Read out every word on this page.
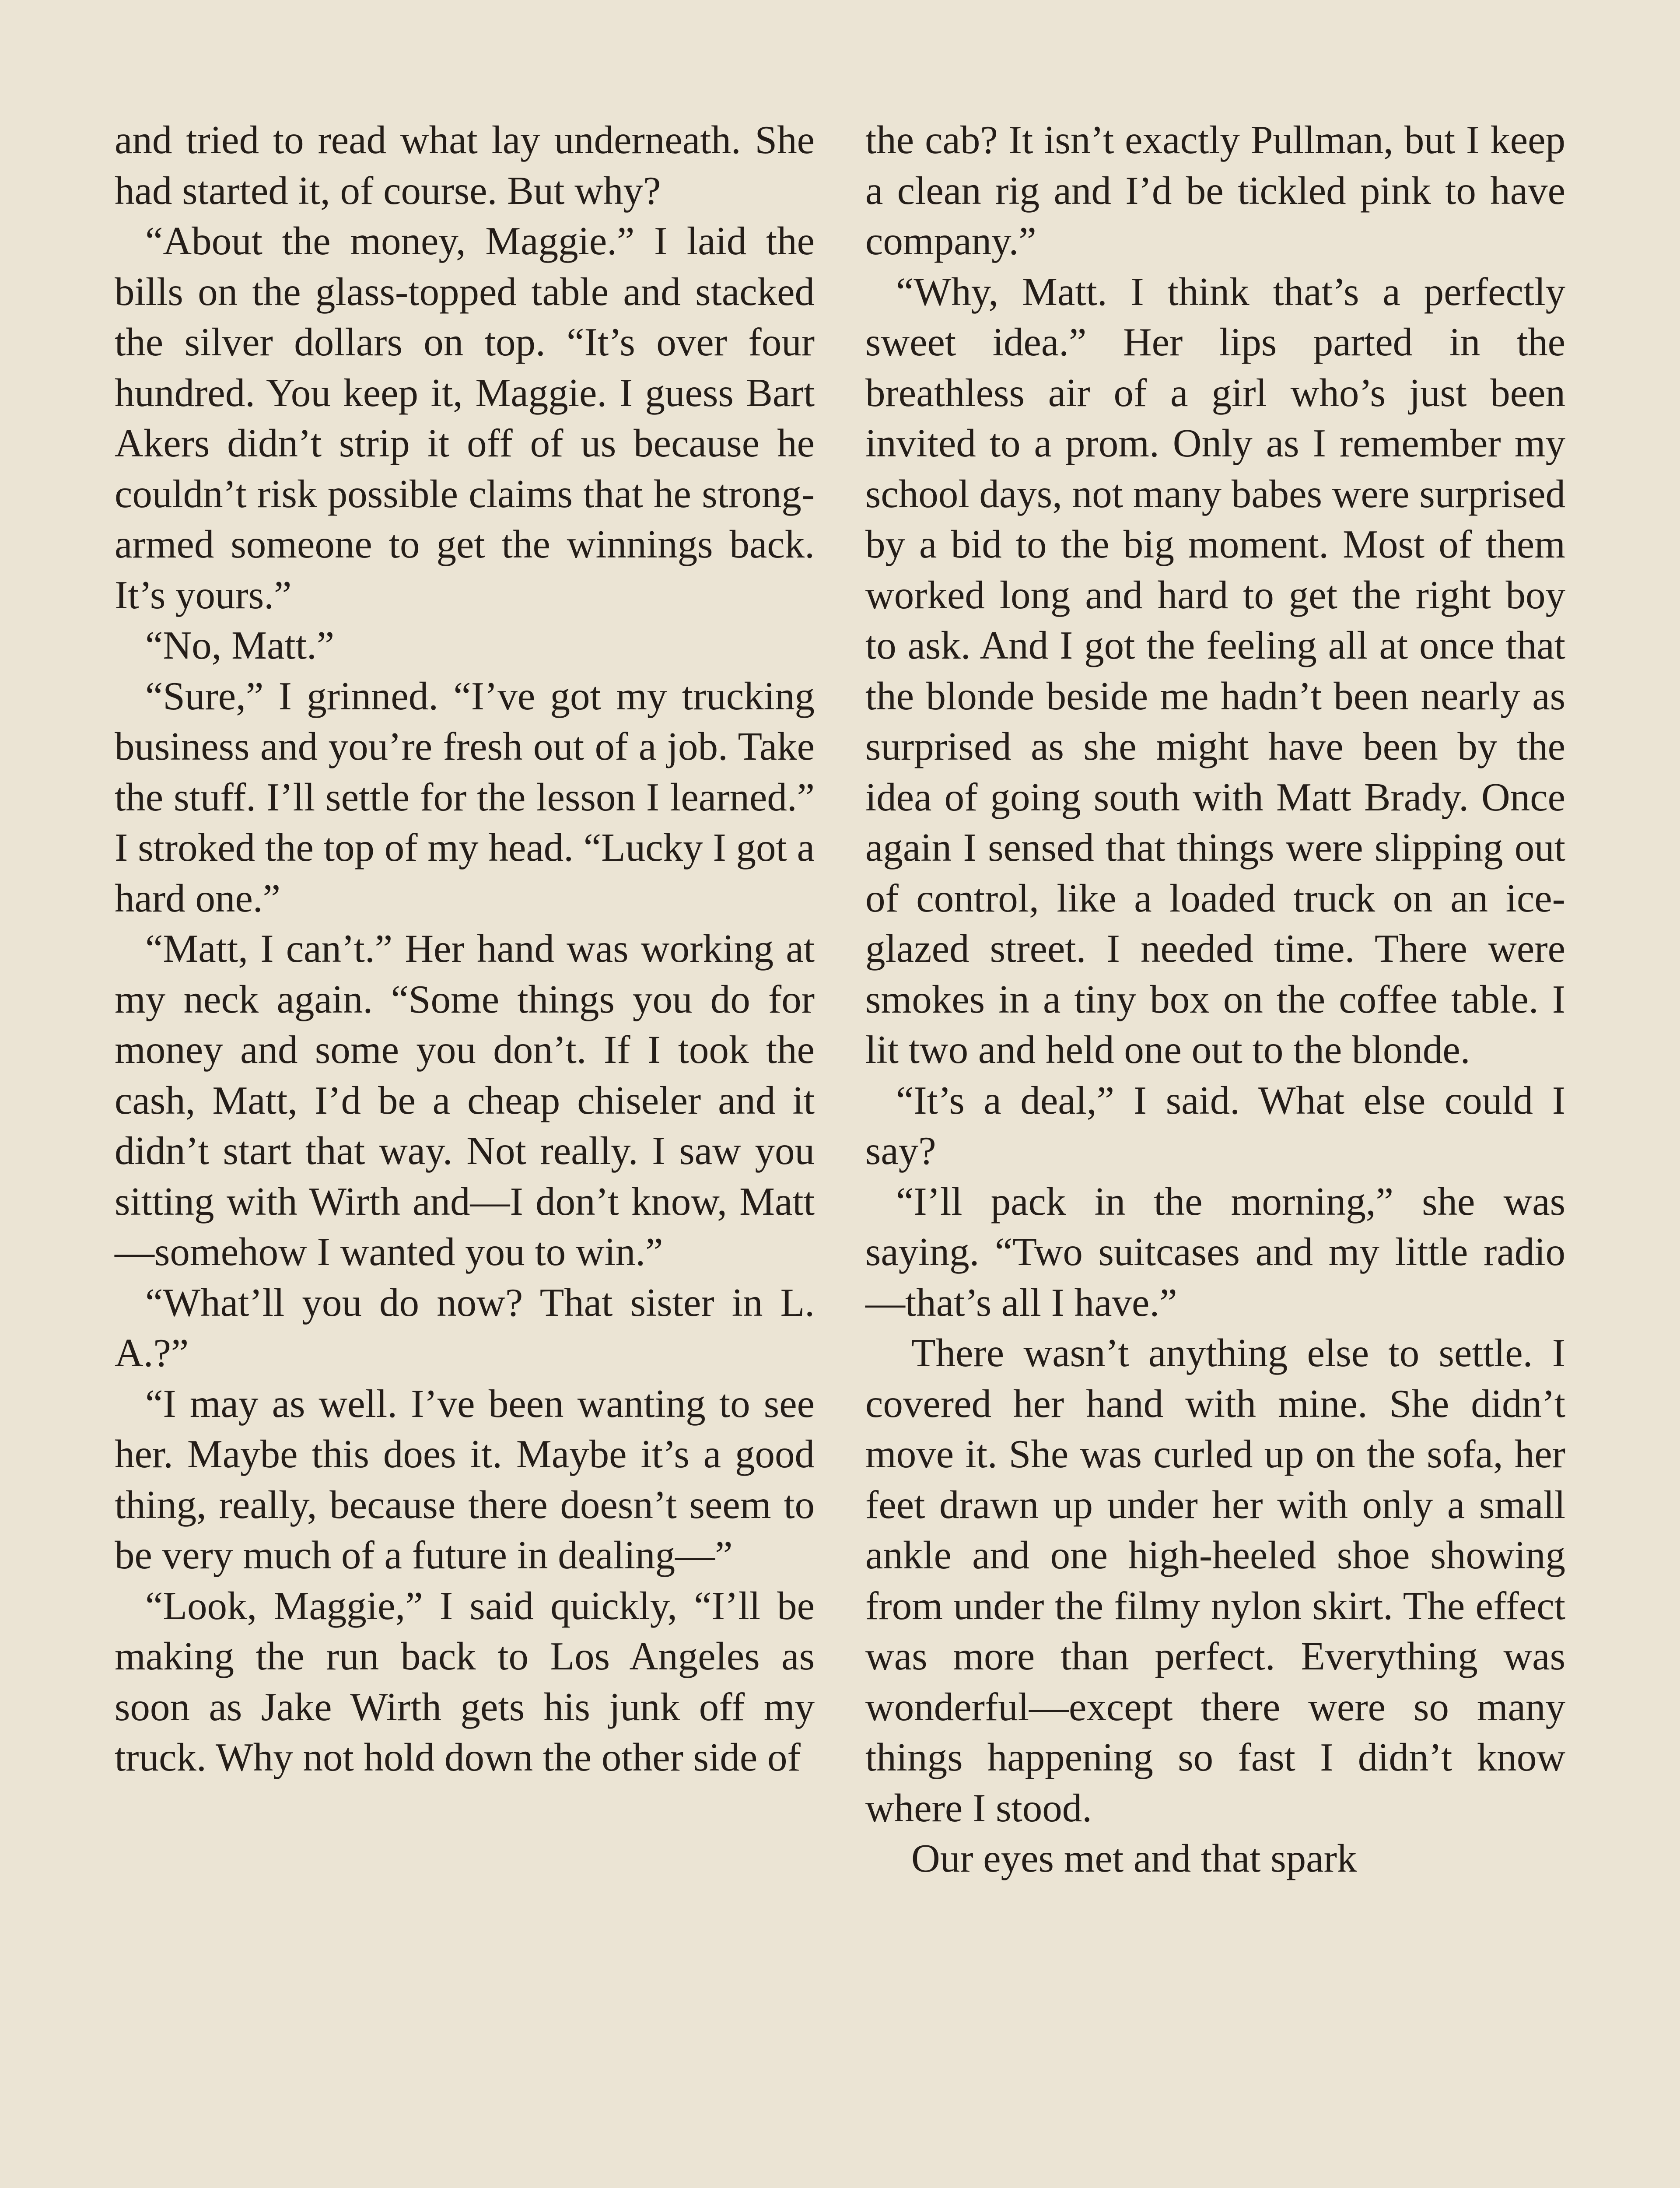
and tried to read what lay underneath. She had started it, of course. But why?

“About the money, Maggie.” I laid the bills on the glass-topped table and stacked the silver dollars on top. “It’s over four hundred. You keep it, Maggie. I guess Bart Akers didn’t strip it off of us because he couldn’t risk possible claims that he strong-armed someone to get the winnings back. It’s yours.”

“No, Matt.”

“Sure,” I grinned. “I’ve got my trucking business and you’re fresh out of a job. Take the stuff. I’ll settle for the lesson I learned.” I stroked the top of my head. “Lucky I got a hard one.”

“Matt, I can’t.” Her hand was working at my neck again. “Some things you do for money and some you don’t. If I took the cash, Matt, I’d be a cheap chiseler and it didn’t start that way. Not really. I saw you sitting with Wirth and—I don’t know, Matt—somehow I wanted you to win.”

“What’ll you do now? That sister in L. A.?”

“I may as well. I’ve been wanting to see her. Maybe this does it. Maybe it’s a good thing, really, because there doesn’t seem to be very much of a future in dealing—”

“Look, Maggie,” I said quickly, “I’ll be making the run back to Los Angeles as soon as Jake Wirth gets his junk off my truck. Why not hold down the other side of

the cab? It isn’t exactly Pullman, but I keep a clean rig and I’d be tickled pink to have company.”

“Why, Matt. I think that’s a perfectly sweet idea.” Her lips parted in the breathless air of a girl who’s just been invited to a prom. Only as I remember my school days, not many babes were surprised by a bid to the big moment. Most of them worked long and hard to get the right boy to ask. And I got the feeling all at once that the blonde beside me hadn’t been nearly as surprised as she might have been by the idea of going south with Matt Brady. Once again I sensed that things were slipping out of control, like a loaded truck on an ice-glazed street. I needed time. There were smokes in a tiny box on the coffee table. I lit two and held one out to the blonde.

“It’s a deal,” I said. What else could I say?

“I’ll pack in the morning,” she was saying. “Two suitcases and my little radio—that’s all I have.”

There wasn’t anything else to settle. I covered her hand with mine. She didn’t move it. She was curled up on the sofa, her feet drawn up under her with only a small ankle and one high-heeled shoe showing from under the filmy nylon skirt. The effect was more than perfect. Everything was wonderful—except there were so many things happening so fast I didn’t know where I stood.

Our eyes met and that spark
